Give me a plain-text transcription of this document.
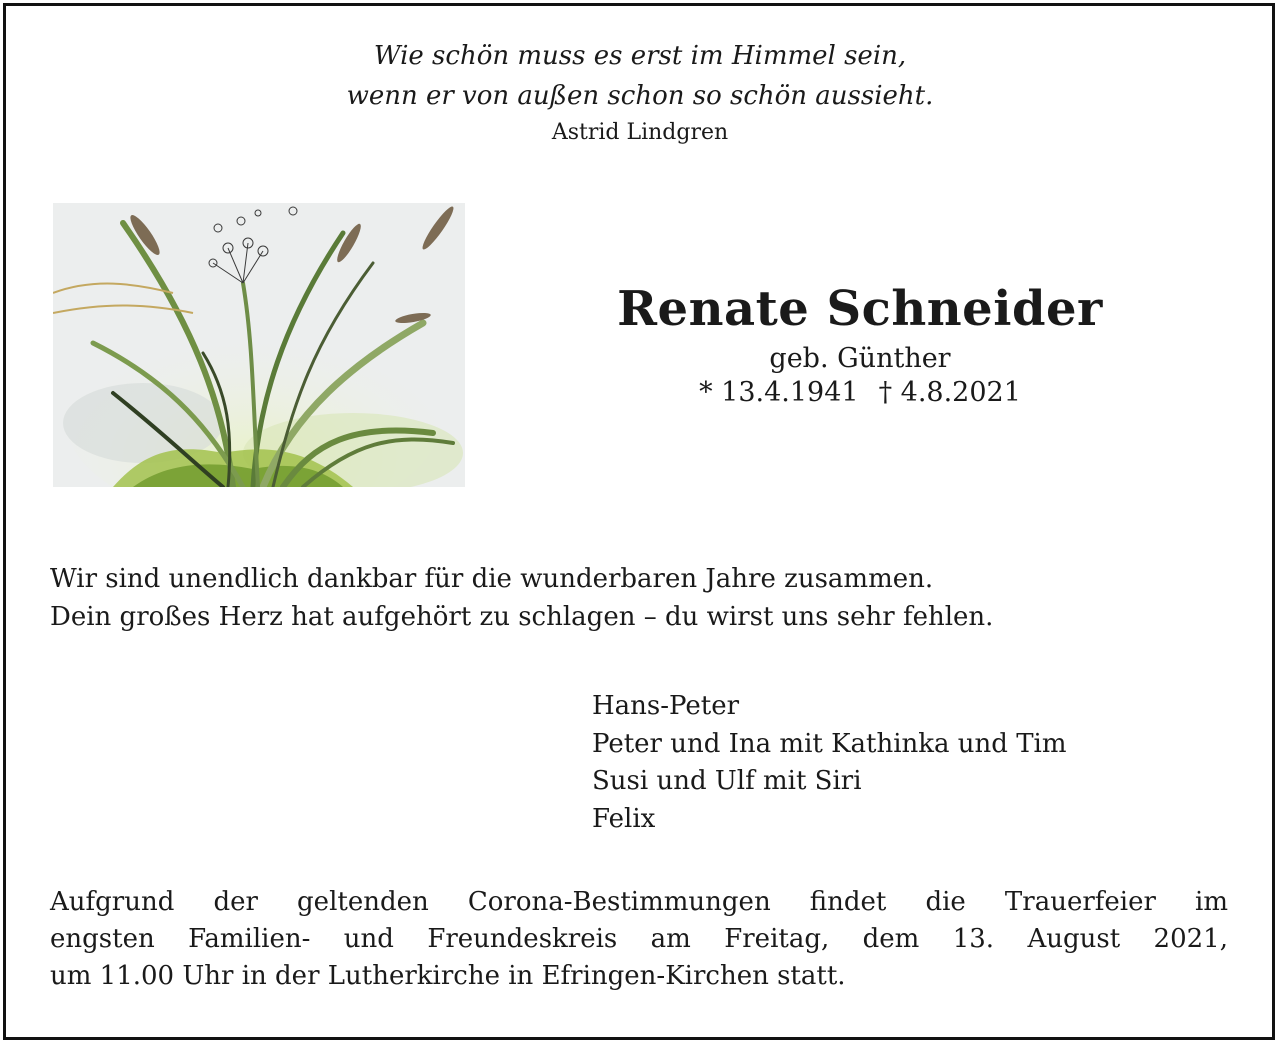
Wie schön muss es erst im Himmel sein,
wenn er von außen schon so schön aussieht.
Astrid Lindgren
Renate Schneider
geb. Günther
* 13.4.1941 † 4.8.2021
Wir sind unendlich dankbar für die wunderbaren Jahre zusammen.
Dein großes Herz hat aufgehört zu schlagen – du wirst uns sehr fehlen.
Hans-Peter
Peter und Ina mit Kathinka und Tim
Susi und Ulf mit Siri
Felix
Aufgrund der geltenden Corona-Bestimmungen findet die Trauerfeier im
engsten Familien- und Freundeskreis am Freitag, dem 13. August 2021,
um 11.00 Uhr in der Lutherkirche in Efringen-Kirchen statt.
